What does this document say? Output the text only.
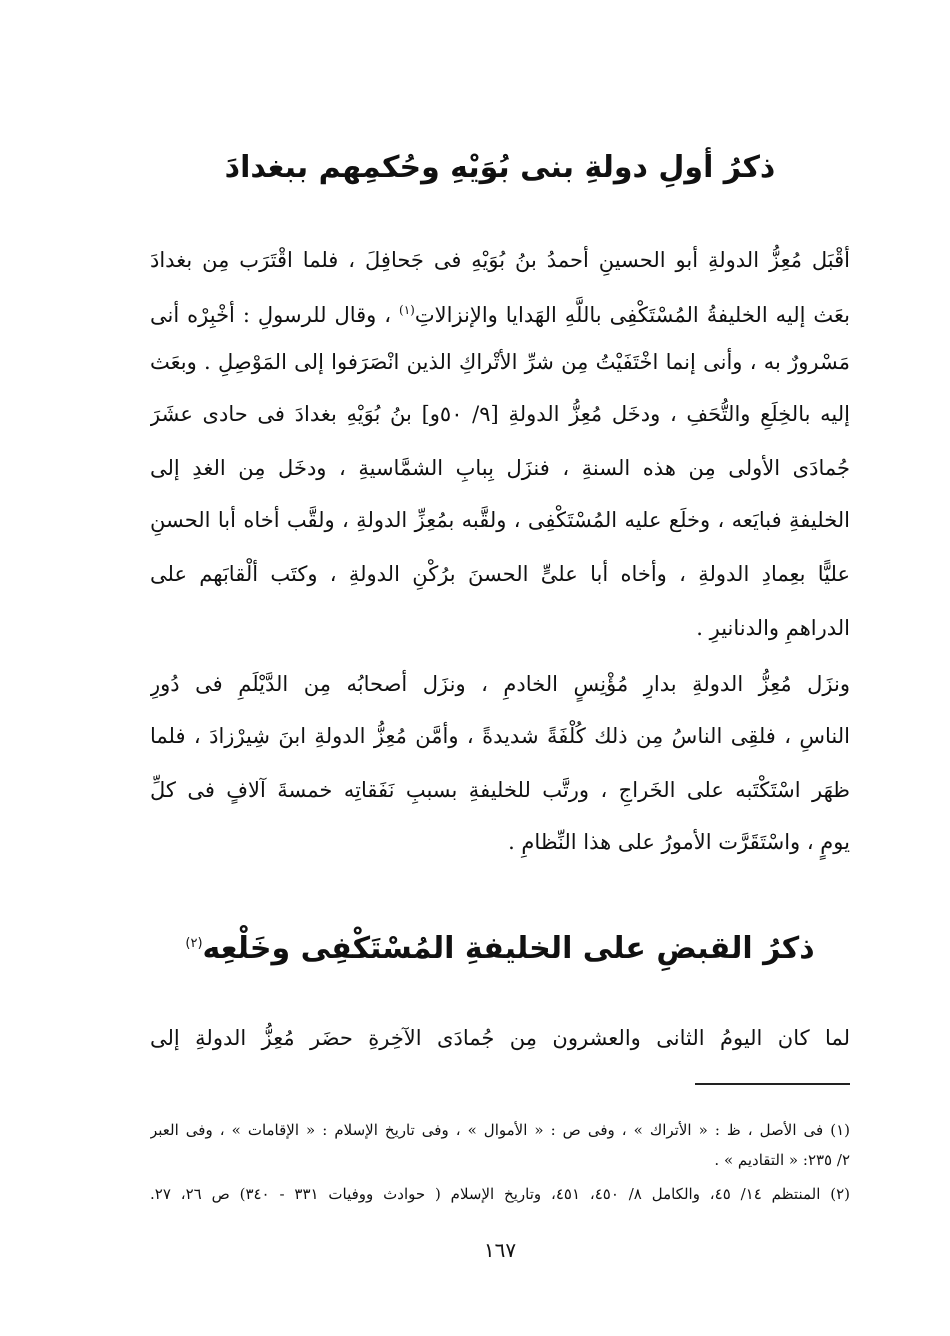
ذكرُ أولِ دولةِ بنى بُوَيْهِ وحُكمِهم ببغدادَ
أقْبَل مُعِزُّ الدولةِ أبو الحسينِ أحمدُ بنُ بُوَيْهِ فى جَحافِلَ ، فلما اقْتَرَب مِن بغدادَ
بعَث إليه الخليفةُ المُسْتَكْفِى باللَّهِ الهَدايا والإنزالاتِ$^{(١)}$ ، وقال للرسولِ : أخْبِرْه أنى
مَسْرورٌ به ، وأنى إنما اخْتَفَيْتُ مِن شرِّ الأتْراكِ الذين انْصَرَفوا إلى المَوْصِلِ . وبعَث
إليه بالخِلَعِ والتُّحَفِ ، ودخَل مُعِزُّ الدولةِ [٩/ ٥٠و] بنُ بُوَيْهِ بغدادَ فى حادى عشَرَ
جُمادَى الأولى مِن هذه السنةِ ، فنزَل بِبابِ الشمَّاسيةِ ، ودخَل مِن الغدِ إلى
الخليفةِ فبايَعه ، وخلَع عليه المُسْتَكْفِى ، ولقَّبه بمُعِزِّ الدولةِ ، ولقَّب أخاه أبا الحسنِ
عليًّا بعِمادِ الدولةِ ، وأخاه أبا علىٍّ الحسنَ برُكْنِ الدولةِ ، وكتَب ألْقابَهم على
الدراهمِ والدنانيرِ .
ونزَل مُعِزُّ الدولةِ بدارِ مُؤْنِسٍ الخادمِ ، ونزَل أصحابُه مِن الدَّيْلَمِ فى دُورِ
الناسِ ، فلقِى الناسُ مِن ذلك كُلْفَةً شديدةً ، وأمَّن مُعِزُّ الدولةِ ابنَ شِيرْزادَ ، فلما
ظهَر اسْتَكْتَبه على الخَراجِ ، ورتَّب للخليفةِ بسببِ نَفَقاتِه خمسةَ آلافٍ فى كلِّ
يومٍ ، واسْتَقَرَّت الأمورُ على هذا النِّظامِ .
ذكرُ القبضِ على الخليفةِ المُسْتَكْفِى وخَلْعِه$^{(٢)}$
لما كان اليومُ الثانى والعشرون مِن جُمادَى الآخِرةِ حضَر مُعِزُّ الدولةِ إلى
(١) فى الأصل ، ظ : « الأتراك » ، وفى ص : « الأموال » ، وفى تاريخ الإسلام : « الإقامات » ، وفى العبر
٢/ ٢٣٥: « التقاديم » .
(٢) المنتظم ١٤/ ٤٥، والكامل ٨/ ٤٥٠، ٤٥١، وتاريخ الإسلام ( حوادث ووفيات ٣٣١ - ٣٤٠) ص ٢٦، ٢٧.
١٦٧
